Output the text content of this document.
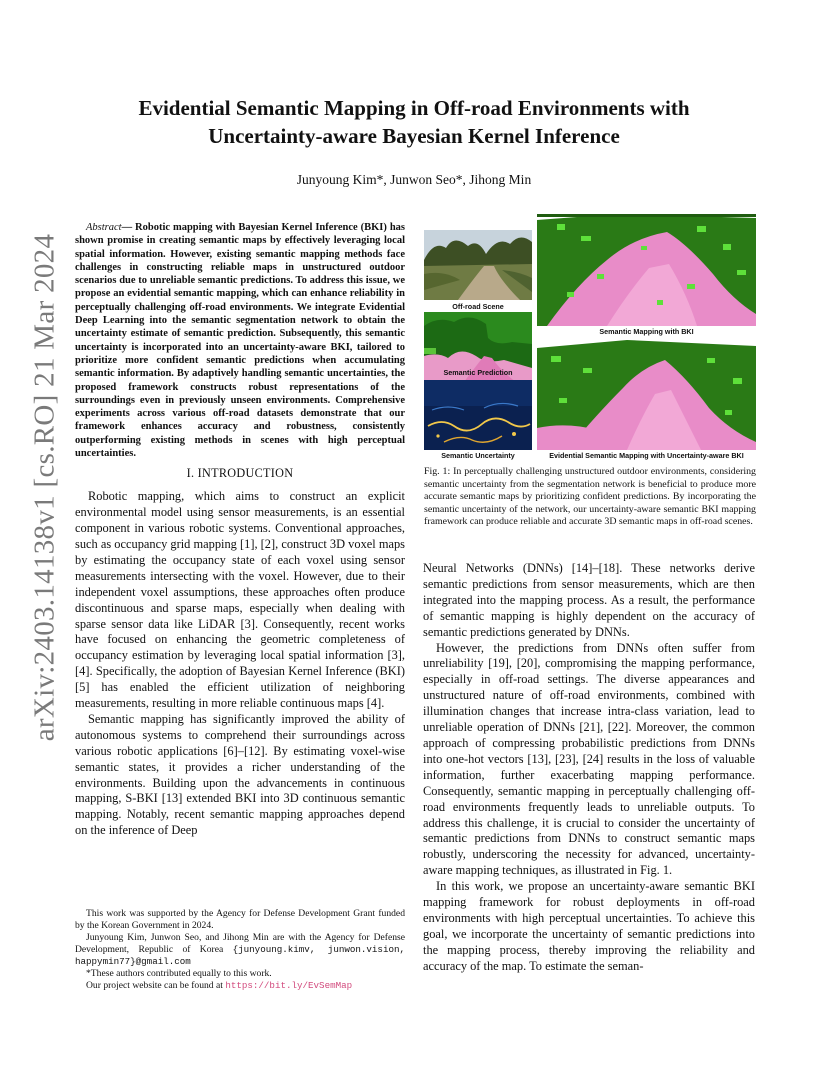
arXiv:2403.14138v1 [cs.RO] 21 Mar 2024
Evidential Semantic Mapping in Off-road Environments with
Uncertainty-aware Bayesian Kernel Inference

Junyoung Kim*, Junwon Seo*, Jihong Min

Abstract— Robotic mapping with Bayesian Kernel Inference (BKI) has shown promise in creating semantic maps by effectively leveraging local spatial information. However, existing semantic mapping methods face challenges in constructing reliable maps in unstructured outdoor scenarios due to unreliable semantic predictions. To address this issue, we propose an evidential semantic mapping, which can enhance reliability in perceptually challenging off-road environments. We integrate Evidential Deep Learning into the semantic segmentation network to obtain the uncertainty estimate of semantic prediction. Subsequently, this semantic uncertainty is incorporated into an uncertainty-aware BKI, tailored to prioritize more confident semantic predictions when accumulating semantic information. By adaptively handling semantic uncertainties, the proposed framework constructs robust representations of the surroundings even in previously unseen environments. Comprehensive experiments across various off-road datasets demonstrate that our framework enhances accuracy and robustness, consistently outperforming existing methods in scenes with high perceptual uncertainties.

I. INTRODUCTION

Robotic mapping, which aims to construct an explicit environmental model using sensor measurements, is an essential component in various robotic systems. Conventional approaches, such as occupancy grid mapping [1], [2], construct 3D voxel maps by estimating the occupancy state of each voxel using sensor measurements intersecting with the voxel. However, due to their independent voxel assumptions, these approaches often produce discontinuous and sparse maps, especially when dealing with sparse sensor data like LiDAR [3]. Consequently, recent works have focused on enhancing the geometric completeness of occupancy estimation by leveraging local spatial information [3], [4]. Specifically, the adoption of Bayesian Kernel Inference (BKI) [5] has enabled the efficient utilization of neighboring measurements, resulting in more reliable continuous maps [4].

Semantic mapping has significantly improved the ability of autonomous systems to comprehend their surroundings across various robotic applications [6]–[12]. By estimating voxel-wise semantic states, it provides a richer understanding of the environments. Building upon the advancements in continuous mapping, S-BKI [13] extended BKI into 3D continuous semantic mapping. Notably, recent semantic mapping approaches depend on the inference of Deep

This work was supported by the Agency for Defense Development Grant funded by the Korean Government in 2024.

Junyoung Kim, Junwon Seo, and Jihong Min are with the Agency for Defense Development, Republic of Korea {junyoung.kimv, junwon.vision, happymin77}@gmail.com

*These authors contributed equally to this work.

Our project website can be found at https://bit.ly/EvSemMap

Off-road Scene
Semantic Prediction
Semantic Uncertainty
Semantic Mapping with BKI
Evidential Semantic Mapping with Uncertainty-aware BKI

Fig. 1: In perceptually challenging unstructured outdoor environments, considering semantic uncertainty from the segmentation network is beneficial to produce more accurate semantic maps by prioritizing confident predictions. By incorporating the semantic uncertainty of the network, our uncertainty-aware semantic BKI mapping framework can produce reliable and accurate 3D semantic maps in off-road scenes.

Neural Networks (DNNs) [14]–[18]. These networks derive semantic predictions from sensor measurements, which are then integrated into the mapping process. As a result, the performance of semantic mapping is highly dependent on the accuracy of semantic predictions generated by DNNs.

However, the predictions from DNNs often suffer from unreliability [19], [20], compromising the mapping performance, especially in off-road settings. The diverse appearances and unstructured nature of off-road environments, combined with illumination changes that increase intra-class variation, lead to unreliable operation of DNNs [21], [22]. Moreover, the common approach of compressing probabilistic predictions from DNNs into one-hot vectors [13], [23], [24] results in the loss of valuable information, further exacerbating mapping performance. Consequently, semantic mapping in perceptually challenging off-road environments frequently leads to unreliable outputs. To address this challenge, it is crucial to consider the uncertainty of semantic predictions from DNNs to construct semantic maps robustly, underscoring the necessity for advanced, uncertainty-aware mapping techniques, as illustrated in Fig. 1.

In this work, we propose an uncertainty-aware semantic BKI mapping framework for robust deployments in off-road environments with high perceptual uncertainties. To achieve this goal, we incorporate the uncertainty of semantic predictions into the mapping process, thereby improving the reliability and accuracy of the map. To estimate the seman-
